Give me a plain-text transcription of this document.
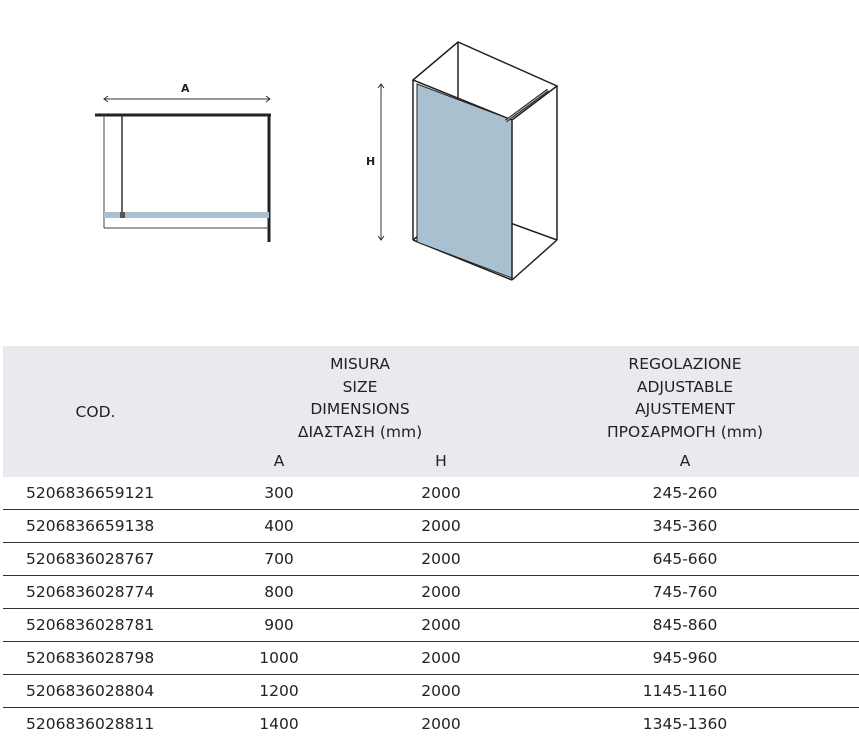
A
H
COD.
MISURA
SIZE
DIMENSIONS
ΔΙΑΣΤΑΣΗ (mm)
REGOLAZIONE
ADJUSTABLE
AJUSTEMENT
ΠΡΟΣΑΡΜΟΓΗ (mm)
A	H	A
5206836659121	300	2000	245-260
5206836659138	400	2000	345-360
5206836028767	700	2000	645-660
5206836028774	800	2000	745-760
5206836028781	900	2000	845-860
5206836028798	1000	2000	945-960
5206836028804	1200	2000	1145-1160
5206836028811	1400	2000	1345-1360
